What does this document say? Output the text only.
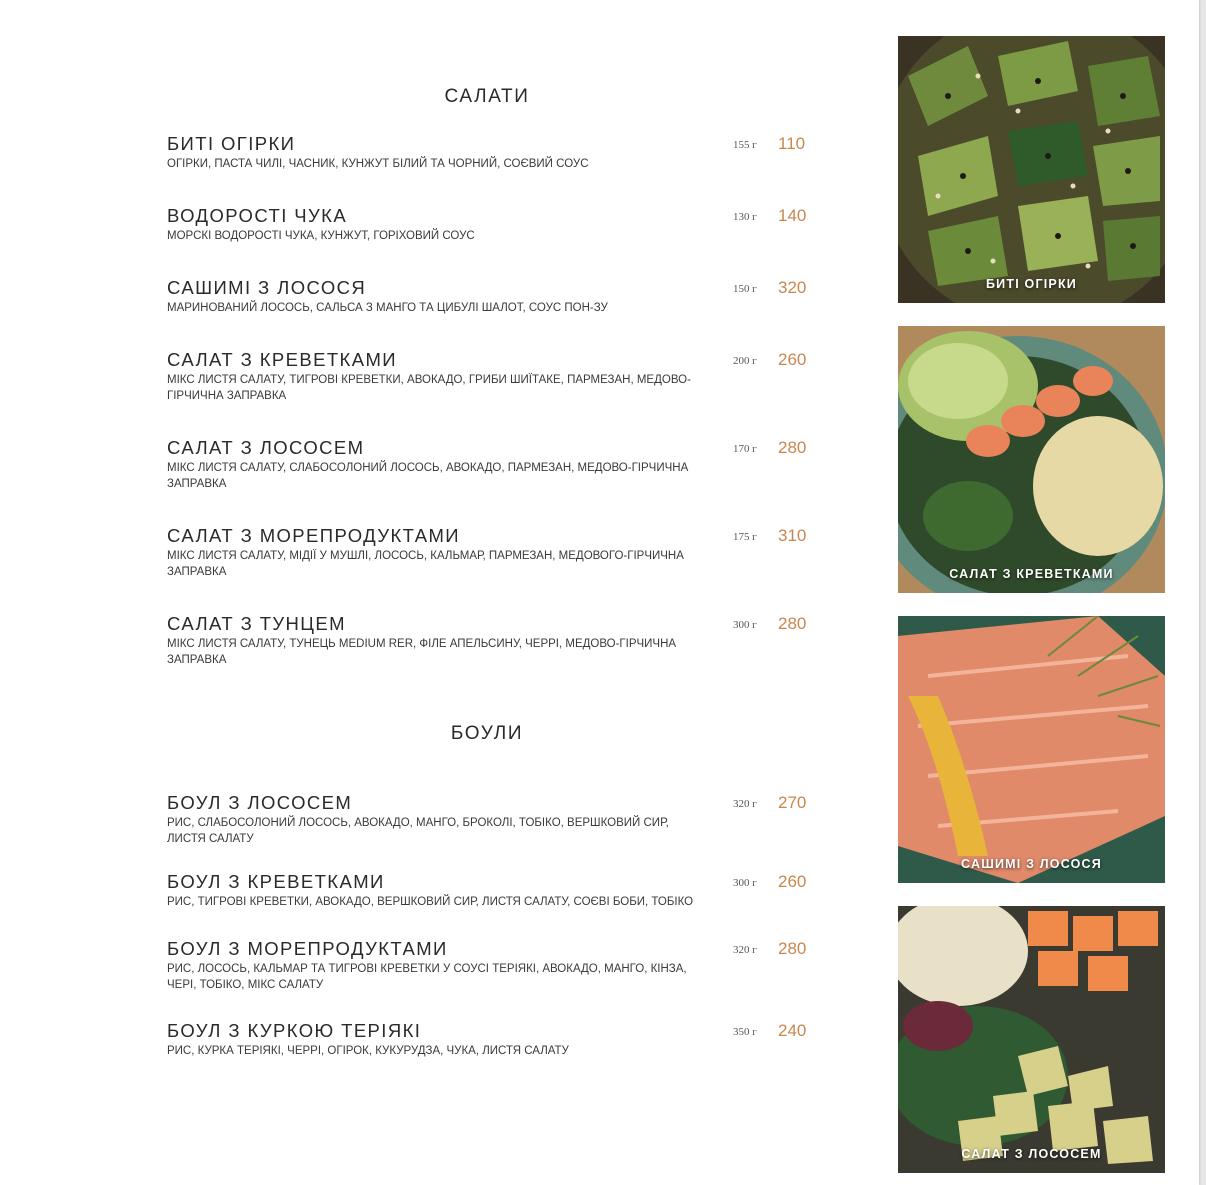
САЛАТИ
БИТІ ОГІРКИ
ОГІРКИ, ПАСТА ЧИЛІ, ЧАСНИК, КУНЖУТ БІЛИЙ ТА ЧОРНИЙ, СОЄВИЙ СОУС
155 г 110
ВОДОРОСТІ ЧУКА
МОРСКІ ВОДОРОСТІ ЧУКА, КУНЖУТ, ГОРІХОВИЙ СОУС
130 г 140
САШИМІ З ЛОСОСЯ
МАРИНОВАНИЙ ЛОСОСЬ, САЛЬСА З МАНГО ТА ЦИБУЛІ ШАЛОТ, СОУС ПОН-ЗУ
150 г 320
САЛАТ З КРЕВЕТКАМИ
МІКС ЛИСТЯ САЛАТУ, ТИГРОВІ КРЕВЕТКИ, АВОКАДО, ГРИБИ ШИЇТАКЕ, ПАРМЕЗАН, МЕДОВО-ГІРЧИЧНА ЗАПРАВКА
200 г 260
САЛАТ З ЛОСОСЕМ
МІКС ЛИСТЯ САЛАТУ, СЛАБОСОЛОНИЙ ЛОСОСЬ, АВОКАДО, ПАРМЕЗАН, МЕДОВО-ГІРЧИЧНА ЗАПРАВКА
170 г 280
САЛАТ З МОРЕПРОДУКТАМИ
МІКС ЛИСТЯ САЛАТУ, МІДІЇ У МУШЛІ, ЛОСОСЬ, КАЛЬМАР, ПАРМЕЗАН, МЕДОВОГО-ГІРЧИЧНА ЗАПРАВКА
175 г 310
САЛАТ З ТУНЦЕМ
МІКС ЛИСТЯ САЛАТУ, ТУНЕЦЬ MEDIUM RER, ФІЛЕ АПЕЛЬСИНУ, ЧЕРРІ, МЕДОВО-ГІРЧИЧНА ЗАПРАВКА
300 г 280
БОУЛИ
БОУЛ З ЛОСОСЕМ
РИС, СЛАБОСОЛОНИЙ ЛОСОСЬ, АВОКАДО, МАНГО, БРОКОЛІ, ТОБІКО, ВЕРШКОВИЙ СИР, ЛИСТЯ САЛАТУ
320 г 270
БОУЛ З КРЕВЕТКАМИ
РИС, ТИГРОВІ КРЕВЕТКИ, АВОКАДО, ВЕРШКОВИЙ СИР, ЛИСТЯ САЛАТУ, СОЄВІ БОБИ, ТОБІКО
300 г 260
БОУЛ З МОРЕПРОДУКТАМИ
РИС, ЛОСОСЬ, КАЛЬМАР ТА ТИГРОВІ КРЕВЕТКИ У СОУСІ ТЕРІЯКІ, АВОКАДО, МАНГО, КІНЗА, ЧЕРІ, ТОБІКО, МІКС САЛАТУ
320 г 280
БОУЛ З КУРКОЮ ТЕРІЯКІ
РИС, КУРКА ТЕРІЯКІ, ЧЕРРІ, ОГІРОК, КУКУРУДЗА, ЧУКА, ЛИСТЯ САЛАТУ
350 г 240
БИТІ ОГІРКИ
САЛАТ З КРЕВЕТКАМИ
САШИМІ З ЛОСОСЯ
САЛАТ З ЛОСОСЕМ
